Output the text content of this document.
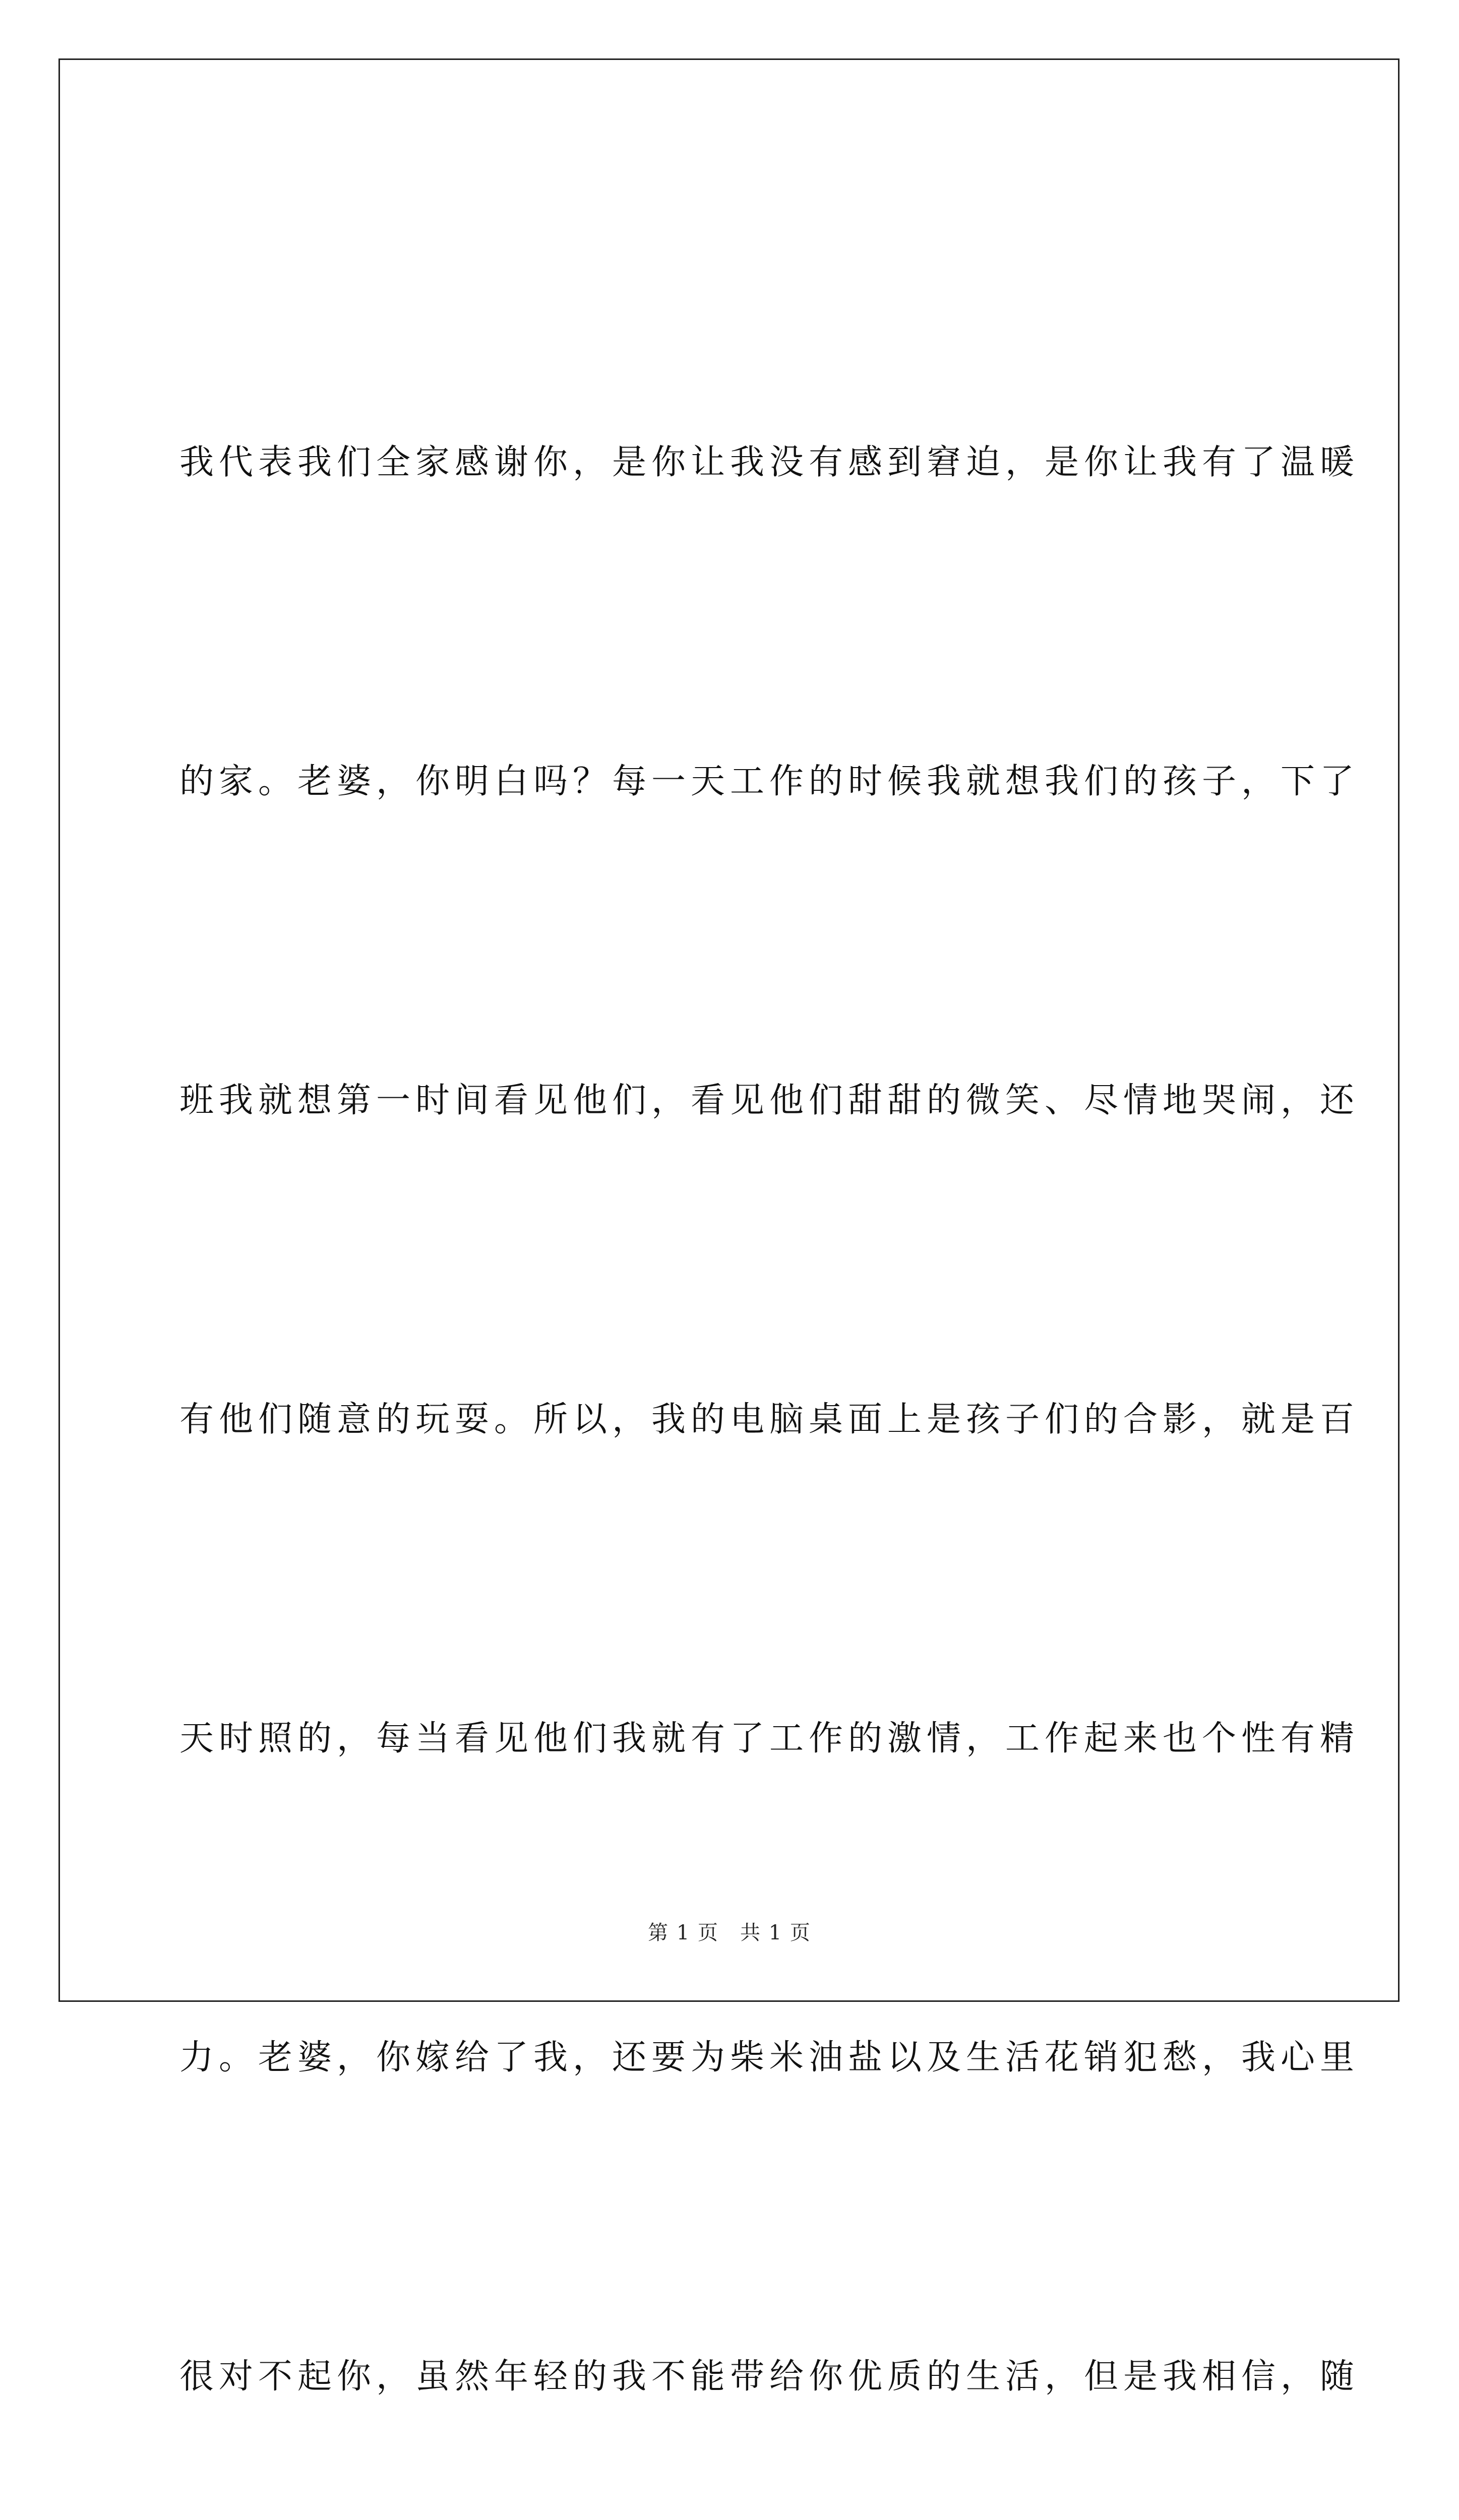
我代表我们全家感谢你，是你让我没有感到窘迫，是你让我有了温暖

的家。老婆，你明白吗？每一天工作的时候我就想我们的孩子，下了

班我就想第一时间看见他们，看见他们甜甜的微笑、尽情地哭闹，还

有他们随意的玩耍。所以，我的电脑桌面上是孩子们的合影，就是百

天时照的，每当看见他们我就有了工作的激情，工作起来也个性有精

力。老婆，你嫁给了我，还要为柴米油盐以及生活花销犯愁，我心里

很对不起你，虽然年轻的我不能带给你优质的生活，但是我相信，随

第 1 页　共 1 页
